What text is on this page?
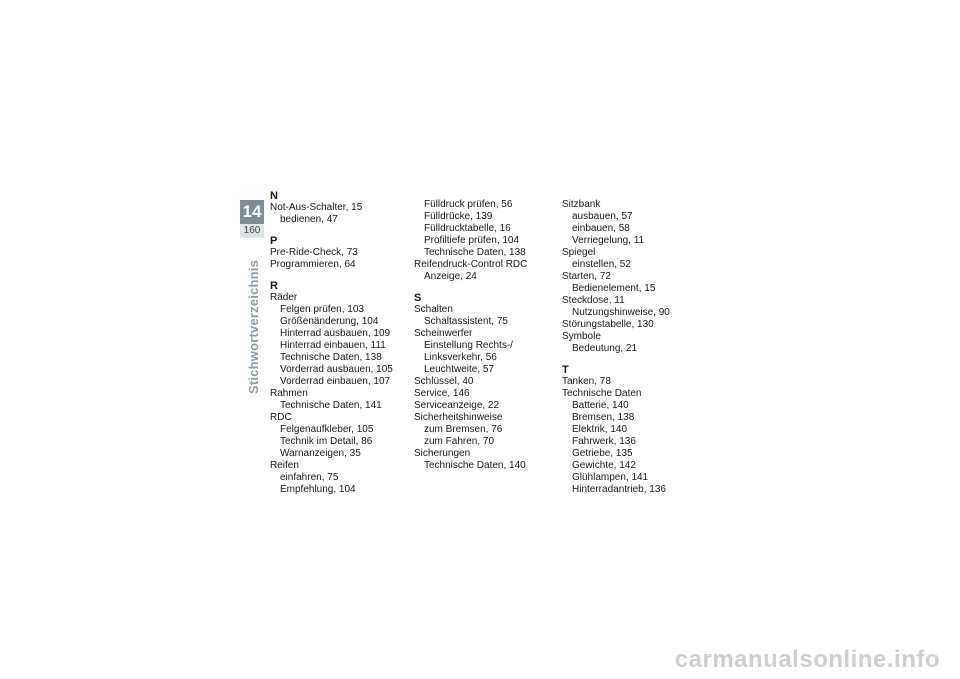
14
160
Stichwortverzeichnis
N
Not-Aus-Schalter, 15
bedienen, 47
P
Pre-Ride-Check, 73
Programmieren, 64
R
Räder
Felgen prüfen, 103
Größenänderung, 104
Hinterrad ausbauen, 109
Hinterrad einbauen, 111
Technische Daten, 138
Vorderrad ausbauen, 105
Vorderrad einbauen, 107
Rahmen
Technische Daten, 141
RDC
Felgenaufkleber, 105
Technik im Detail, 86
Warnanzeigen, 35
Reifen
einfahren, 75
Empfehlung, 104
Fülldruck prüfen, 56
Fülldrücke, 139
Fülldrucktabelle, 16
Profiltiefe prüfen, 104
Technische Daten, 138
Reifendruck-Control RDC
Anzeige, 24
S
Schalten
Schaltassistent, 75
Scheinwerfer
Einstellung Rechts-/
Linksverkehr, 56
Leuchtweite, 57
Schlüssel, 40
Service, 146
Serviceanzeige, 22
Sicherheitshinweise
zum Bremsen, 76
zum Fahren, 70
Sicherungen
Technische Daten, 140
Sitzbank
ausbauen, 57
einbauen, 58
Verriegelung, 11
Spiegel
einstellen, 52
Starten, 72
Bedienelement, 15
Steckdose, 11
Nutzungshinweise, 90
Störungstabelle, 130
Symbole
Bedeutung, 21
T
Tanken, 78
Technische Daten
Batterie, 140
Bremsen, 138
Elektrik, 140
Fahrwerk, 136
Getriebe, 135
Gewichte, 142
Glühlampen, 141
Hinterradantrieb, 136
carmanualsonline.info
